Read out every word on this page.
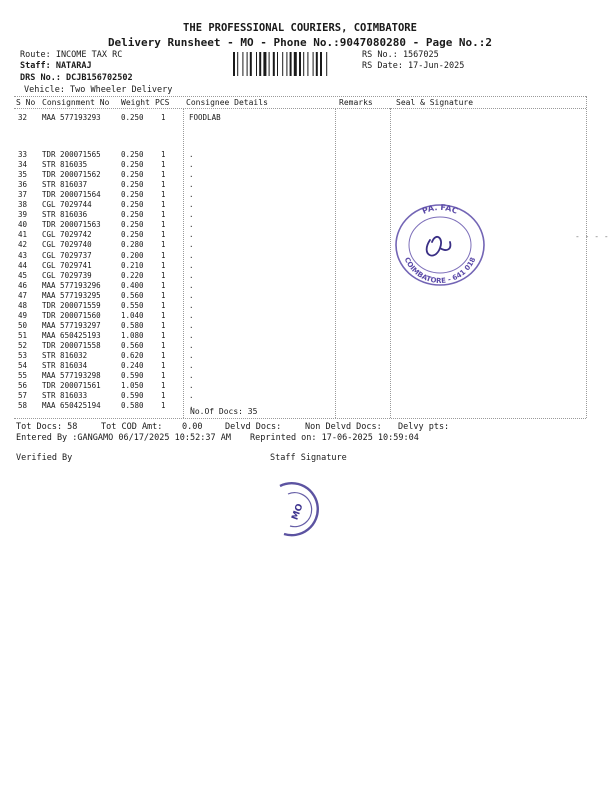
THE PROFESSIONAL COURIERS, COIMBATORE
Delivery Runsheet - MO - Phone No.:9047080280 - Page No.:2
Route: INCOME TAX RC
Staff: NATARAJ
DRS No.: DCJB156702502
Vehicle: Two Wheeler Delivery
RS No.: 1567025
RS Date: 17-Jun-2025
S No Consignment No Weight PCS Consignee Details	Remarks	Seal & Signature
32 MAA 577193293	0.250 1	FOODLAB
33 TDR 200071565	0.250 1	.
34 STR 816035	0.250 1	.
35 TDR 200071562	0.250 1	.
36 STR 816037	0.250 1	.
37 TDR 200071564	0.250 1	.
38 CGL 7029744	0.250 1	.
39 STR 816036	0.250 1	.
40 TDR 200071563	0.250 1	.
41 CGL 7029742	0.250 1	.
42 CGL 7029740	0.280 1	.
43 CGL 7029737	0.200 1	.
44 CGL 7029741	0.210 1	.
45 CGL 7029739	0.220 1	.
46 MAA 577193296	0.400 1	.
47 MAA 577193295	0.560 1	.
48 TDR 200071559	0.550 1	.
49 TDR 200071560	1.040 1	.
50 MAA 577193297	0.580 1	.
51 MAA 650425193	1.080 1	.
52 TDR 200071558	0.560 1	.
53 STR 816032	0.620 1	.
54 STR 816034	0.240 1	.
55 MAA 577193298	0.590 1	.
56 TDR 200071561	1.050 1	.
57 STR 816033	0.590 1	.
58 MAA 650425194	0.580 1	.
No.Of Docs: 35
Tot Docs: 58	Tot COD Amt: 0.00	Delvd Docs:	Non Delvd Docs: Delvy pts:
Entered By :GANGAMO 06/17/2025 10:52:37 AM Reprinted on: 17-06-2025 10:59:04
Verified By	Staff Signature
PA. FAC
COIMBATORE - 641 018
MO
- - - -
